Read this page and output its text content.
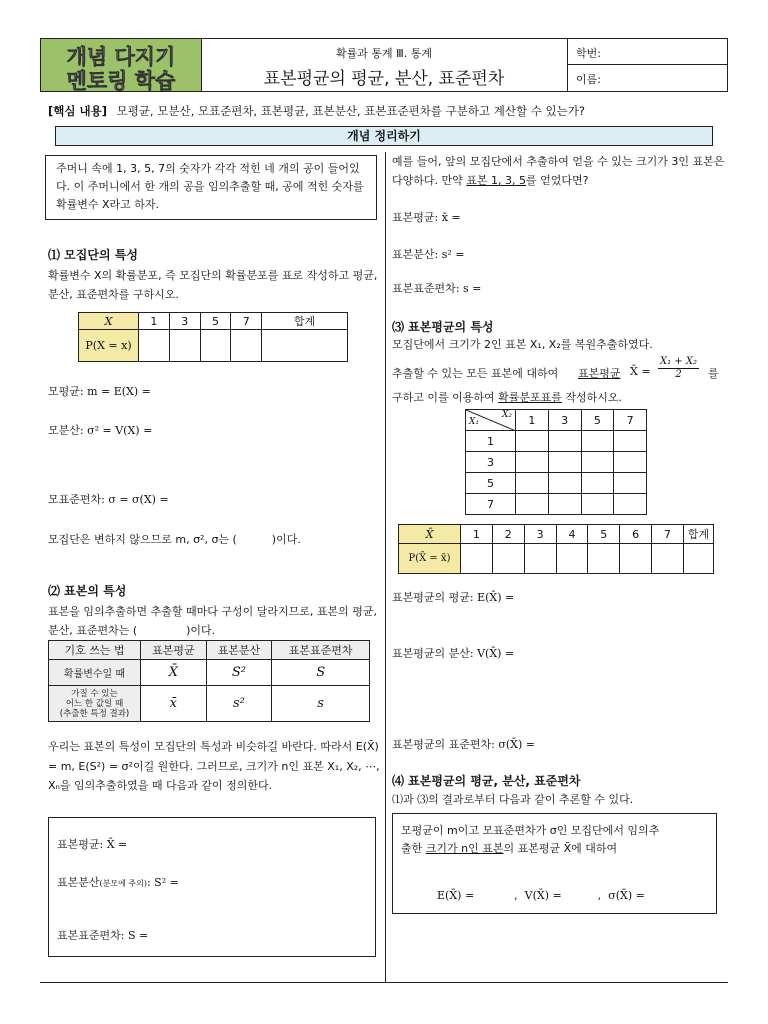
개념 다지기
멘토링 학습
확률과 통계 Ⅲ. 통계
표본평균의 평균, 분산, 표준편차
학번:
이름:
[핵심 내용] 모평균, 모분산, 모표준편차, 표본평균, 표본분산, 표본표준편차를 구분하고 계산할 수 있는가?
개념 정리하기
주머니 속에 1, 3, 5, 7의 숫자가 각각 적힌 네 개의 공이 들어있다. 이 주머니에서 한 개의 공을 임의추출할 때, 공에 적힌 숫자를 확률변수 X라고 하자.
⑴ 모집단의 특성
확률변수 X의 확률분포, 즉 모집단의 확률분포를 표로 작성하고 평균, 분산, 표준편차를 구하시오.
X	1	3	5	7	합계
P(X = x)					
모평균: m = E(X) =
모분산: σ² = V(X) =
모표준편차: σ = σ(X) =
모집단은 변하지 않으므로 m, σ², σ는 (          )이다.
⑵ 표본의 특성
표본을 임의추출하면 추출할 때마다 구성이 달라지므로, 표본의 평균, 분산, 표준편차는 (              )이다.
기호 쓰는 법	표본평균	표본분산	표본표준편차
확률변수일 때	X̄	S²	S

가질 수 있는
어느 한 값일 때
(추출한 특정 결과)	x̄	s²	s
우리는 표본의 특성이 모집단의 특성과 비슷하길 바란다. 따라서 E(X̄) = m, E(S²) = σ²이길 원한다. 그러므로, 크기가 n인 표본 X₁, X₂, ⋯, Xₙ을 임의추출하였을 때 다음과 같이 정의한다.
표본평균: X̄ =
표본분산(분모에 주의): S² =
표본표준편차: S =
예를 들어, 앞의 모집단에서 추출하여 얻을 수 있는 크기가 3인 표본은 다양하다. 만약 표본 1, 3, 5를 얻었다면?
표본평균: x̄ =
표본분산: s² =
표본표준편차: s =
⑶ 표본평균의 특성
모집단에서 크기가 2인 표본 X₁, X₂를 복원추출하였다.
추출할 수 있는 모든 표본에 대하여 표본평균 X̄ = $\frac{\text{X₁ + X₂}}{2}$ 를
구하고 이를 이용하여 확률분포표를 작성하시오.
X₁
X₂	1	3	5	7
1				
3				
5				
7				
X̄	1	2	3	4	5	6	7	합계
P(X̄ = x̄)								
표본평균의 평균: E(X̄) =
표본평균의 분산: V(X̄) =
표본평균의 표준편차: σ(X̄) =
⑷ 표본평균의 평균, 분산, 표준편차
⑴과 ⑶의 결과로부터 다음과 같이 추론할 수 있다.
모평균이 m이고 모표준편차가 σ인 모집단에서 임의추
출한 크기가 n인 표본의 표본평균 X̄에 대하여

E(X̄) =	,  V(X̄) =	,  σ(X̄) =
